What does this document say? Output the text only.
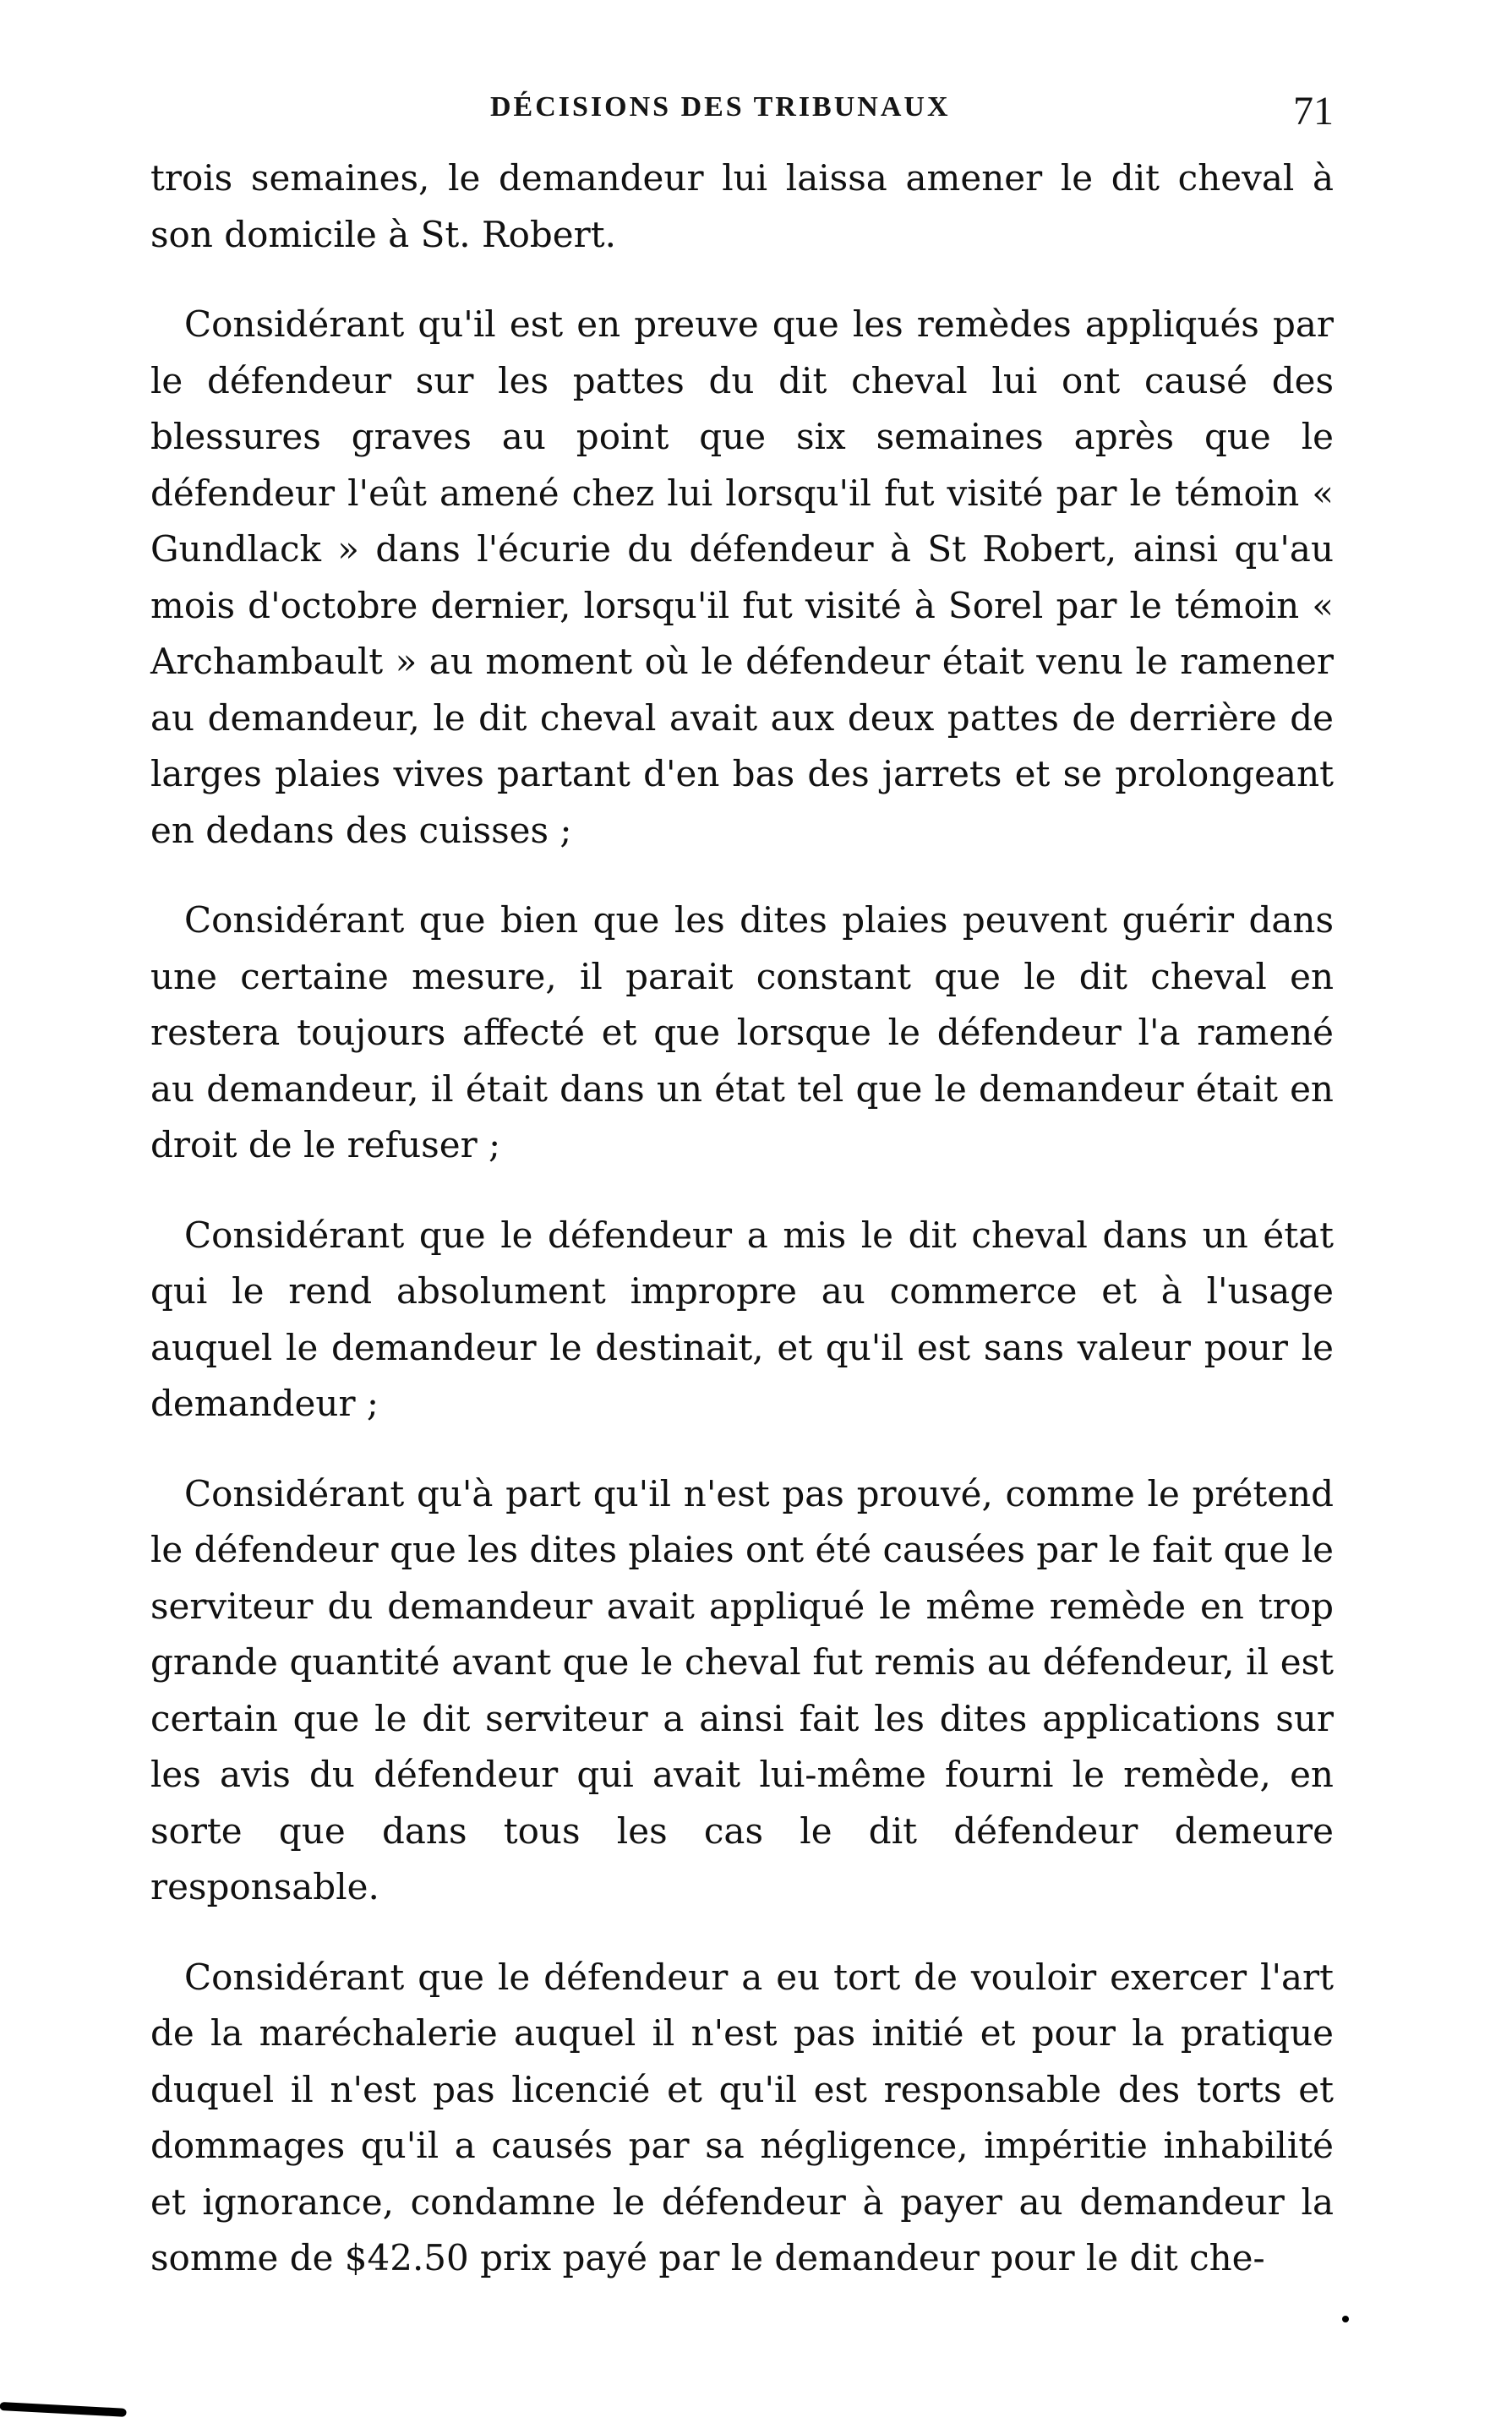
DÉCISIONS DES TRIBUNAUX	71

trois semaines, le demandeur lui laissa amener le dit cheval à son domicile à St. Robert.

Considérant qu'il est en preuve que les remèdes appliqués par le défendeur sur les pattes du dit cheval lui ont causé des blessures graves au point que six semaines après que le défendeur l'eût amené chez lui lorsqu'il fut visité par le témoin « Gundlack » dans l'écurie du défendeur à St Robert, ainsi qu'au mois d'octobre dernier, lorsqu'il fut visité à Sorel par le témoin « Archambault » au moment où le défendeur était venu le ramener au demandeur, le dit cheval avait aux deux pattes de derrière de larges plaies vives partant d'en bas des jarrets et se prolongeant en dedans des cuisses ;

Considérant que bien que les dites plaies peuvent guérir dans une certaine mesure, il parait constant que le dit cheval en restera toujours affecté et que lorsque le défendeur l'a ramené au demandeur, il était dans un état tel que le demandeur était en droit de le refuser ;

Considérant que le défendeur a mis le dit cheval dans un état qui le rend absolument impropre au commerce et à l'usage auquel le demandeur le destinait, et qu'il est sans valeur pour le demandeur ;

Considérant qu'à part qu'il n'est pas prouvé, comme le prétend le défendeur que les dites plaies ont été causées par le fait que le serviteur du demandeur avait appliqué le même remède en trop grande quantité avant que le cheval fut remis au défendeur, il est certain que le dit serviteur a ainsi fait les dites applications sur les avis du défendeur qui avait lui-même fourni le remède, en sorte que dans tous les cas le dit défendeur demeure responsable.

Considérant que le défendeur a eu tort de vouloir exercer l'art de la maréchalerie auquel il n'est pas initié et pour la pratique duquel il n'est pas licencié et qu'il est responsable des torts et dommages qu'il a causés par sa négligence, impéritie inhabilité et ignorance, condamne le défendeur à payer au demandeur la somme de $42.50 prix payé par le demandeur pour le dit che-
